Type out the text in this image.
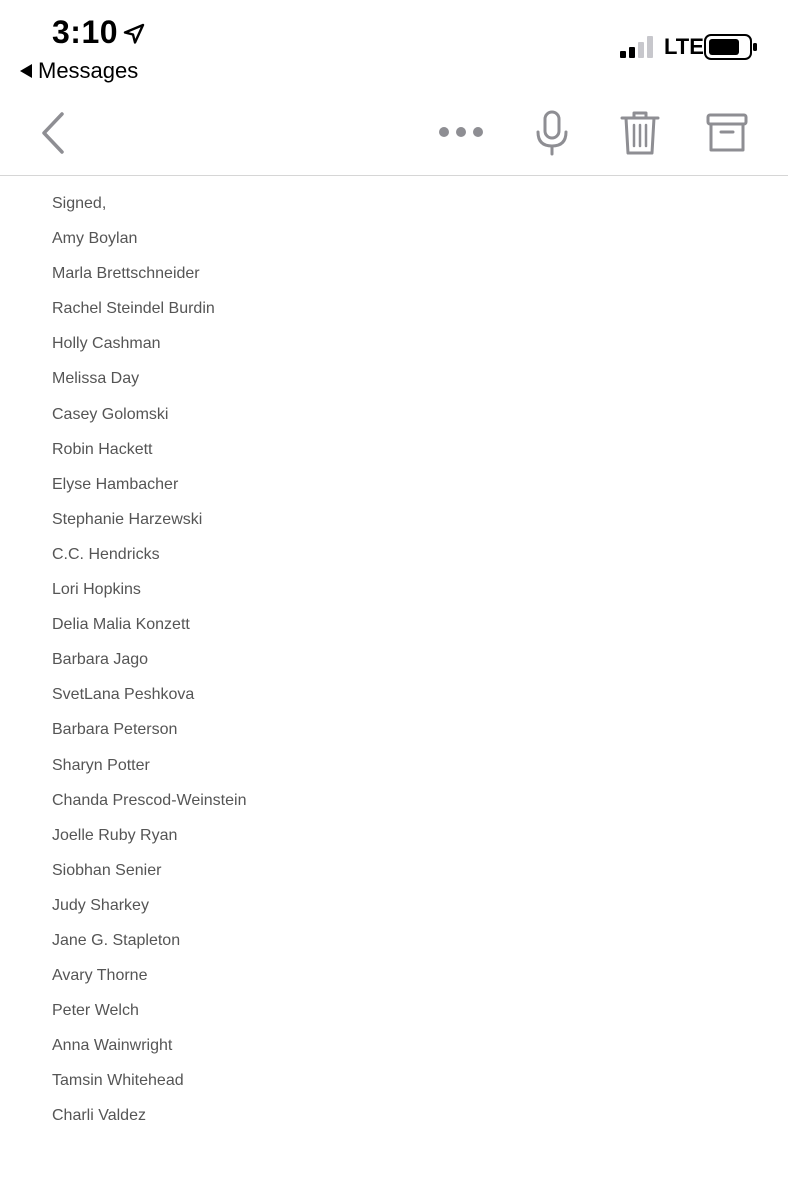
3:10
Messages
LTE
Signed,
Amy Boylan
Marla Brettschneider
Rachel Steindel Burdin
Holly Cashman
Melissa Day
Casey Golomski
Robin Hackett
Elyse Hambacher
Stephanie Harzewski
C.C. Hendricks
Lori Hopkins
Delia Malia Konzett
Barbara Jago
SvetLana Peshkova
Barbara Peterson
Sharyn Potter
Chanda Prescod-Weinstein
Joelle Ruby Ryan
Siobhan Senier
Judy Sharkey
Jane G. Stapleton
Avary Thorne
Peter Welch
Anna Wainwright
Tamsin Whitehead
Charli Valdez
